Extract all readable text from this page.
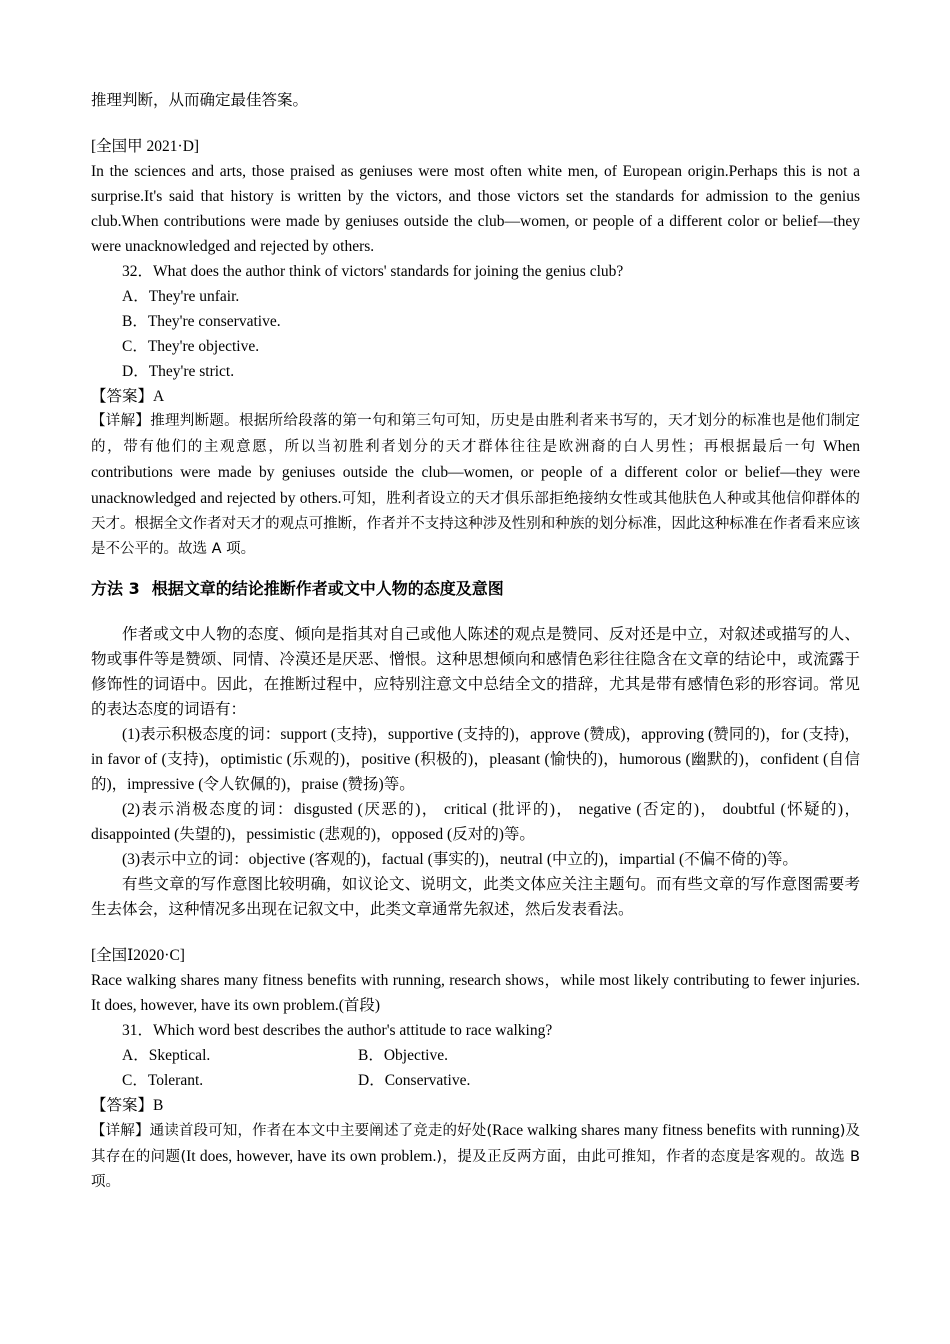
推理判断，从而确定最佳答案。
[全国甲 2021·D]
In the sciences and arts, those praised as geniuses were most often white men, of European origin.Perhaps this is not a surprise.It's said that history is written by the victors, and those victors set the standards for admission to the genius club.When contributions were made by geniuses outside the club—women, or people of a different color or belief—they were unacknowledged and rejected by others.
32．What does the author think of victors' standards for joining the genius club?
A．They're unfair.
B．They're conservative.
C．They're objective.
D．They're strict.
【答案】A
【详解】推理判断题。根据所给段落的第一句和第三句可知，历史是由胜利者来书写的，天才划分的标准也是他们制定的，带有他们的主观意愿，所以当初胜利者划分的天才群体往往是欧洲裔的白人男性；再根据最后一句 When contributions were made by geniuses outside the club—women, or people of a different color or belief—they were unacknowledged and rejected by others.可知，胜利者设立的天才俱乐部拒绝接纳女性或其他肤色人种或其他信仰群体的天才。根据全文作者对天才的观点可推断，作者并不支持这种涉及性别和种族的划分标准，因此这种标准在作者看来应该是不公平的。故选 A 项。
方法 3 根据文章的结论推断作者或文中人物的态度及意图
作者或文中人物的态度、倾向是指其对自己或他人陈述的观点是赞同、反对还是中立，对叙述或描写的人、物或事件等是赞颂、同情、冷漠还是厌恶、憎恨。这种思想倾向和感情色彩往往隐含在文章的结论中，或流露于修饰性的词语中。因此，在推断过程中，应特别注意文中总结全文的措辞，尤其是带有感情色彩的形容词。常见的表达态度的词语有：
(1)表示积极态度的词：support (支持)，supportive (支持的)，approve (赞成)，approving (赞同的)，for (支持)，in favor of (支持)，optimistic (乐观的)，positive (积极的)，pleasant (愉快的)，humorous (幽默的)，confident (自信的)，impressive (令人钦佩的)，praise (赞扬)等。
(2)表示消极态度的词：disgusted (厌恶的)， critical (批评的)， negative (否定的)， doubtful (怀疑的)， disappointed (失望的)，pessimistic (悲观的)，opposed (反对的)等。
(3)表示中立的词：objective (客观的)，factual (事实的)，neutral (中立的)，impartial (不偏不倚的)等。
有些文章的写作意图比较明确，如议论文、说明文，此类文体应关注主题句。而有些文章的写作意图需要考生去体会，这种情况多出现在记叙文中，此类文章通常先叙述，然后发表看法。
[全国Ⅰ2020·C]
Race walking shares many fitness benefits with running, research shows，while most likely contributing to fewer injuries. It does, however, have its own problem.(首段)
31．Which word best describes the author's attitude to race walking?
A．Skeptical.	B．Objective.
C．Tolerant.	D．Conservative.
【答案】B
【详解】通读首段可知，作者在本文中主要阐述了竞走的好处(Race walking shares many fitness benefits with running)及其存在的问题(It does, however, have its own problem.)，提及正反两方面，由此可推知，作者的态度是客观的。故选 B 项。
